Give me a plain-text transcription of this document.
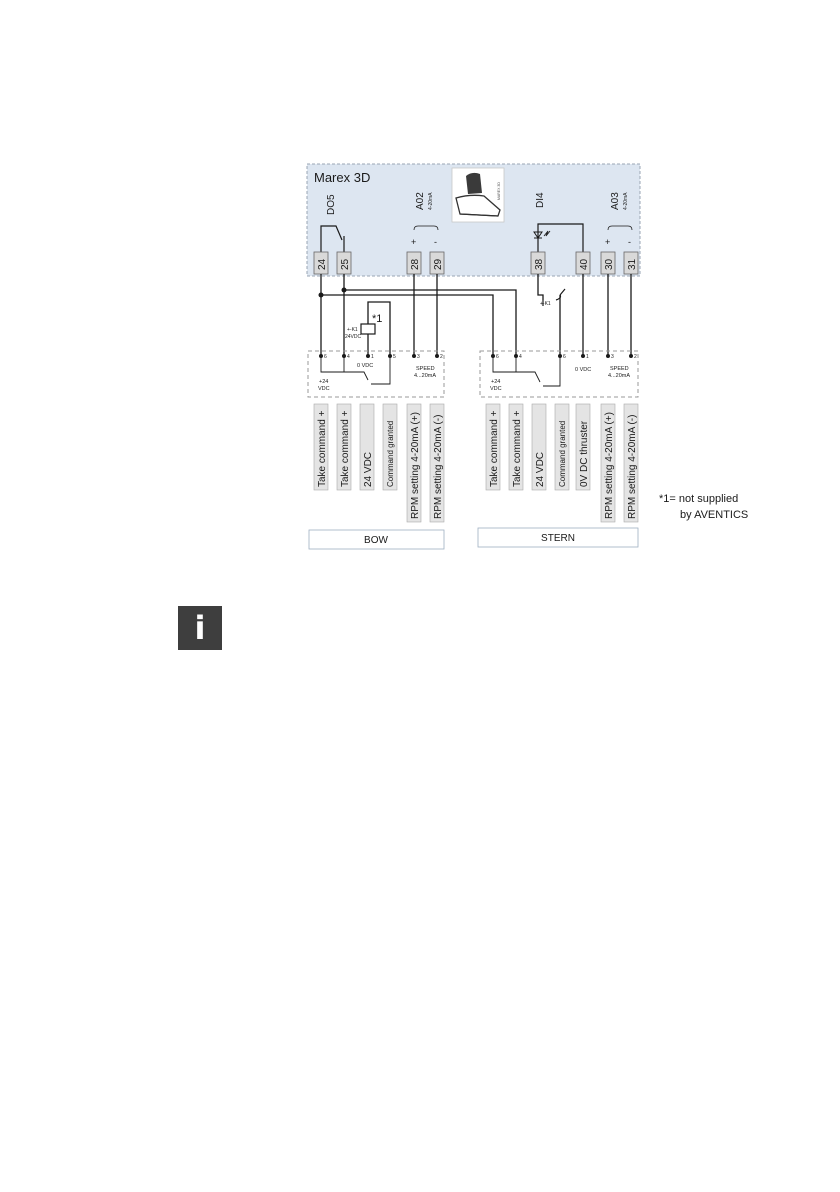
Marex 3D
MAREX 3D
DO5	A02 4-20mA	DI4	A03 4-20mA
+ -	+ -
24 25	28 29	38	40 30 31
+-K1
+-K1
24VDC
*1
6	4	1	5	3	2
0 VDC	SPEED
4...20mA
+24
VDC
6	4	6	1	3	2
0 VDC	SPEED
4...20mA
+24
VDC
Take command + Take command + 24 VDC Command granted RPM setting 4-20mA (+) RPM setting 4-20mA (-)	Take command + Take command + 24 VDC Command granted 0V DC thruster RPM setting 4-20mA (+) RPM setting 4-20mA (-) *1= not supplied
by AVENTICS
BOW	STERN
i
